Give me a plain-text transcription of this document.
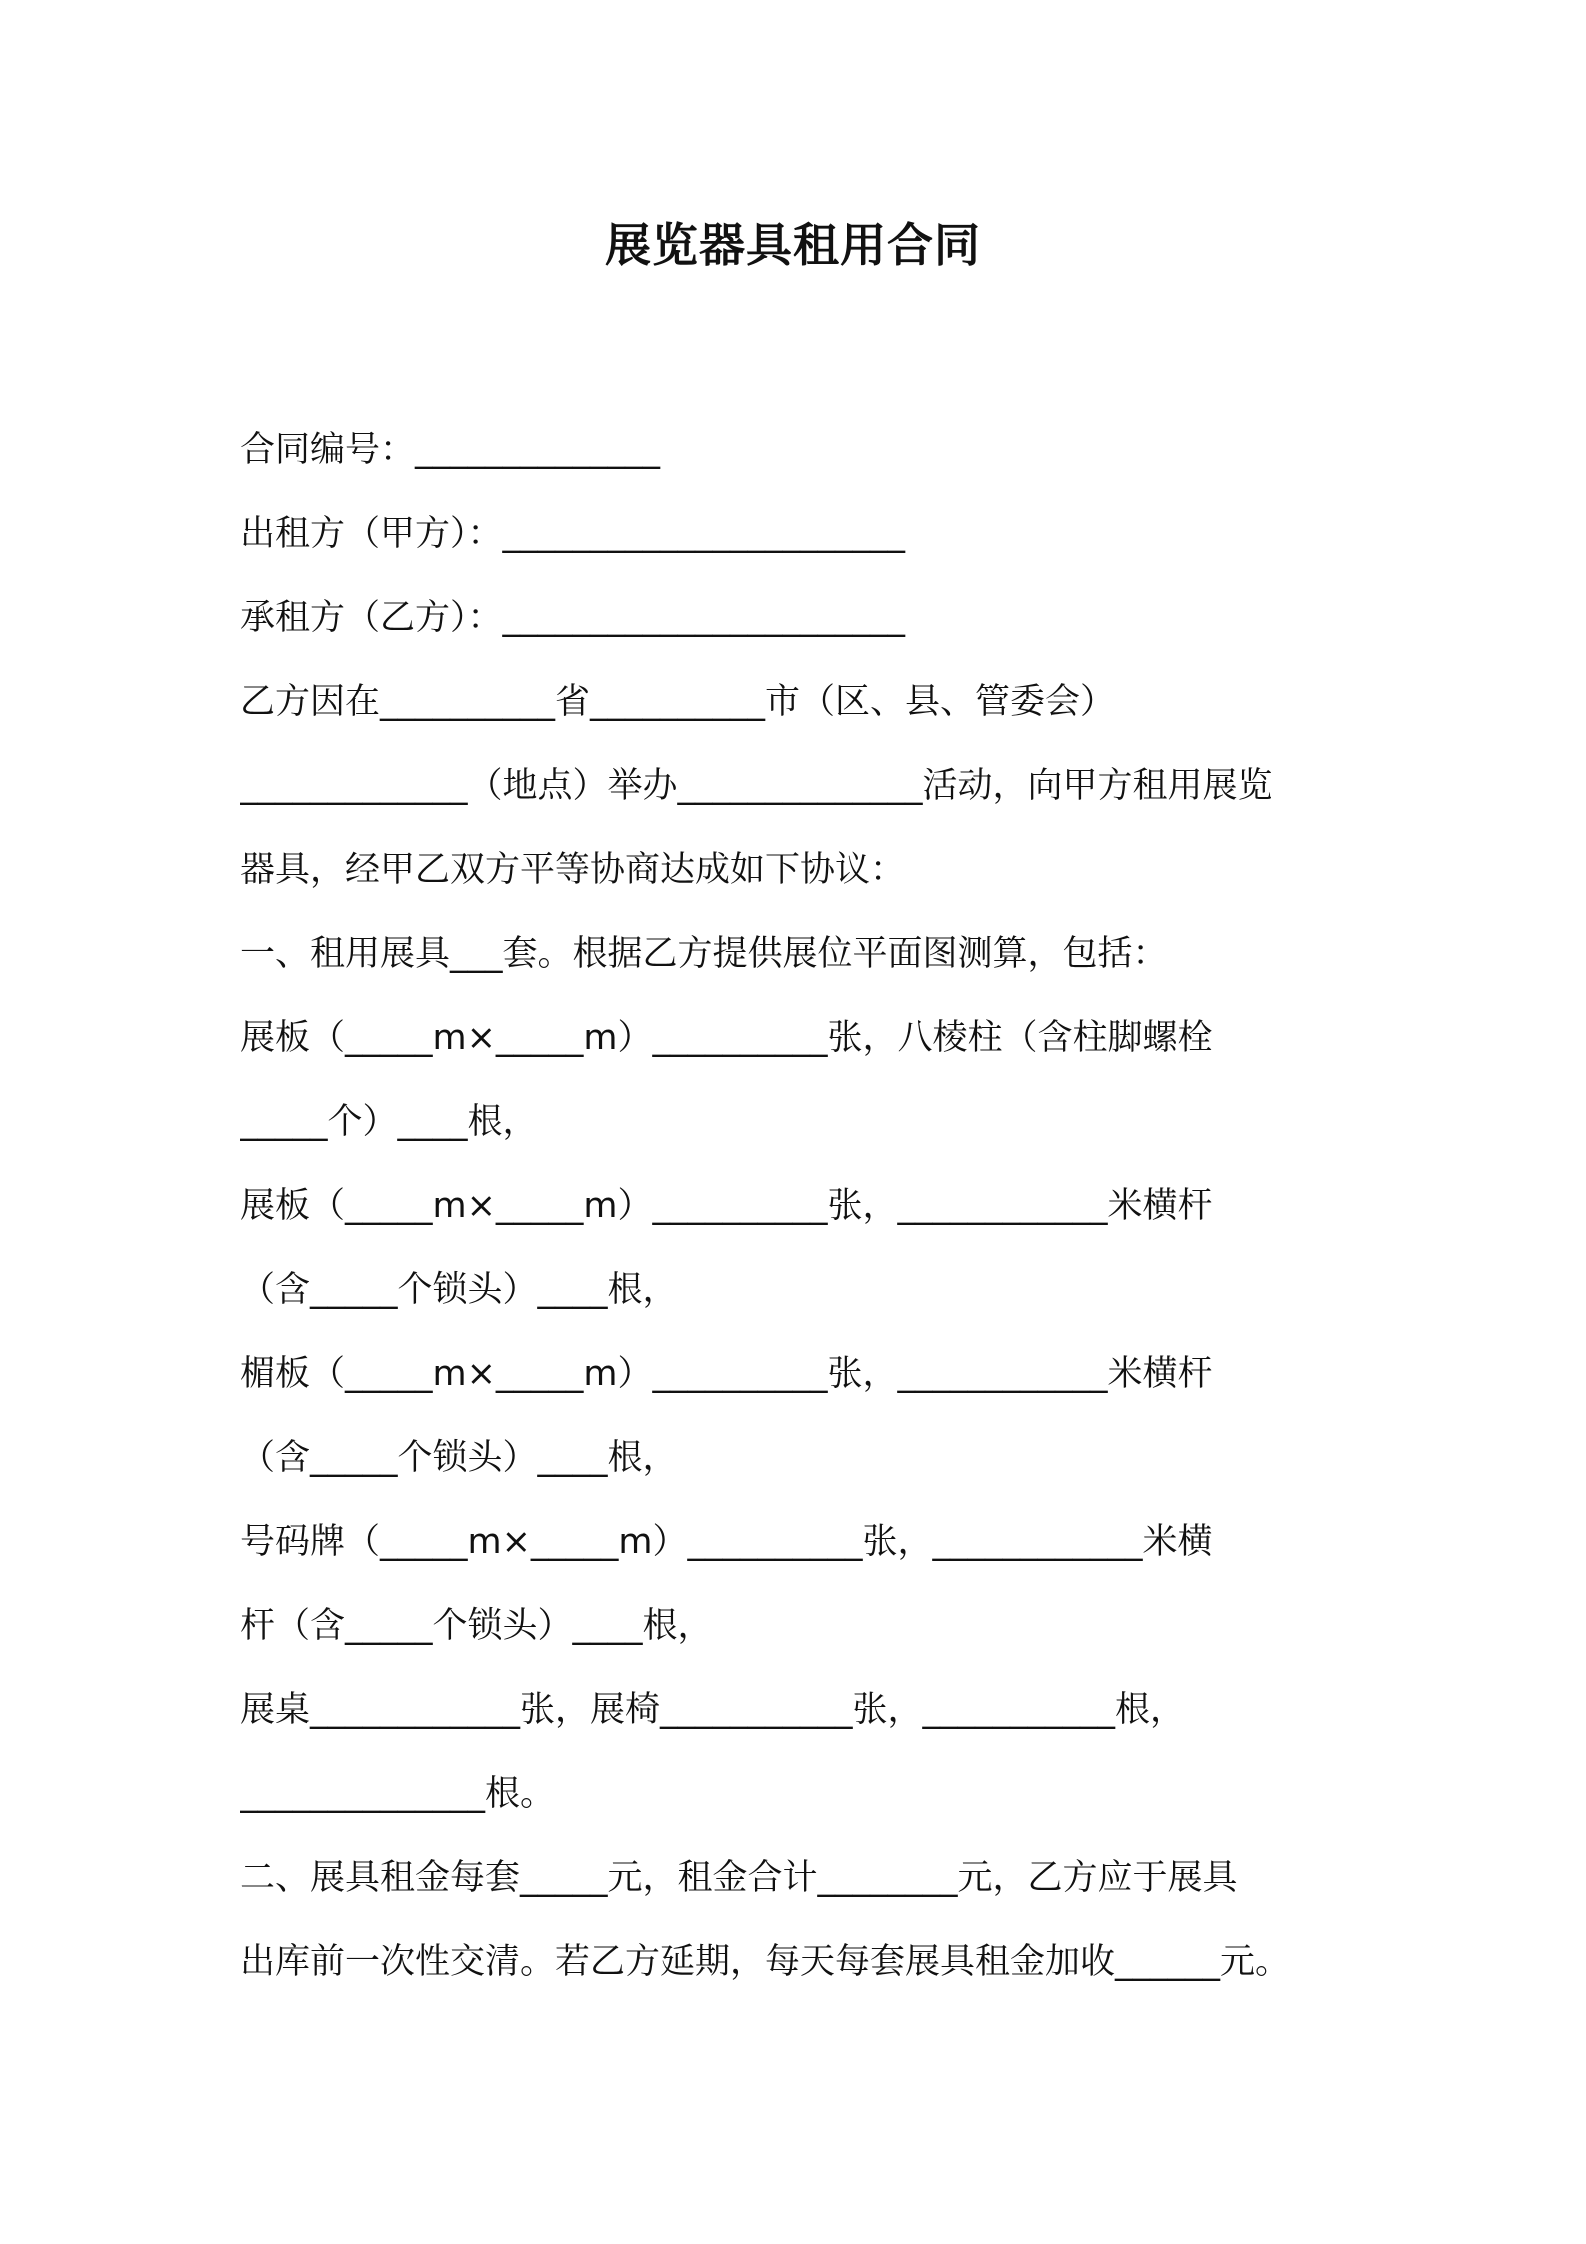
展览器具租用合同
合同编号：______________
出租方（甲方）：_______________________
承租方（乙方）：_______________________
乙方因在__________省__________市（区、县、管委会）
_____________（地点）举办______________活动，向甲方租用展览
器具，经甲乙双方平等协商达成如下协议：
一、租用展具___套。根据乙方提供展位平面图测算，包括：
展板（_____m×_____m）__________张，八棱柱（含柱脚螺栓
_____个）____根，
展板（_____m×_____m）__________张，____________米横杆
（含_____个锁头）____根，
楣板（_____m×_____m）__________张，____________米横杆
（含_____个锁头）____根，
号码牌（_____m×_____m）__________张，____________米横
杆（含_____个锁头）____根，
展桌____________张，展椅___________张，___________根，
______________根。
二、展具租金每套_____元，租金合计________元，乙方应于展具
出库前一次性交清。若乙方延期，每天每套展具租金加收______元。
